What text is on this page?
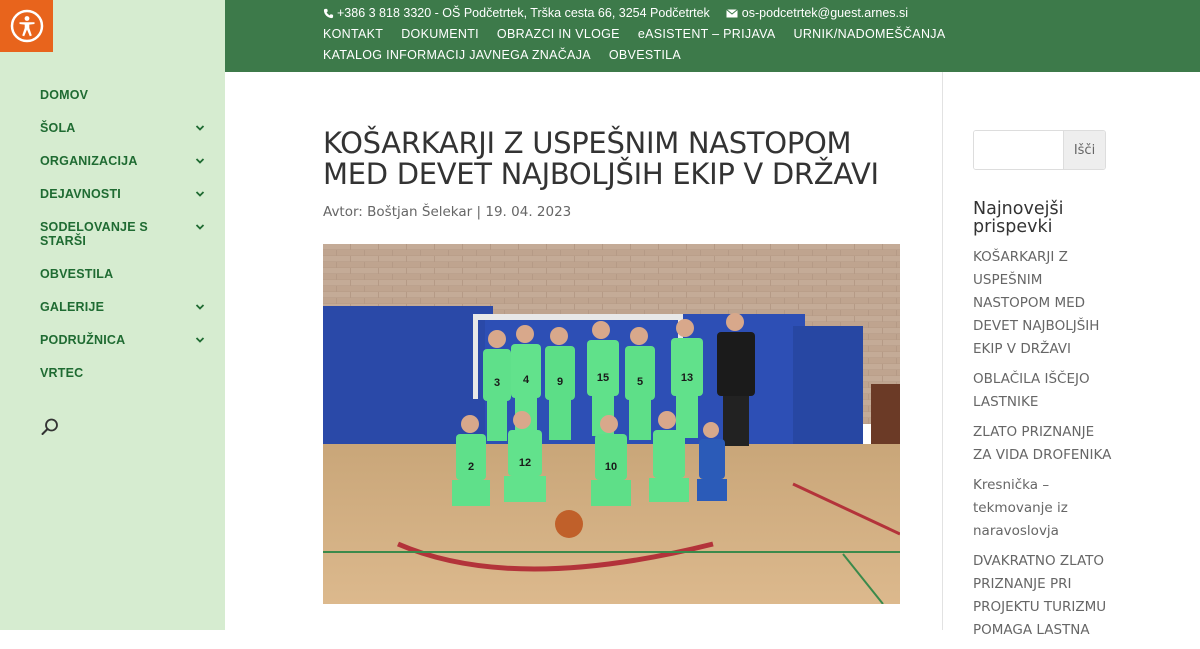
DOMOV
ŠOLA
ORGANIZACIJA
DEJAVNOSTI
SODELOVANJE S STARŠI
OBVESTILA
GALERIJE
PODRUŽNICA
VRTEC
+386 3 818 3320 - OŠ Podčetrtek, Trška cesta 66, 3254 Podčetrtek	os-podcetrtek@guest.arnes.si
KONTAKT DOKUMENTI OBRAZCI IN VLOGE eASISTENT – PRIJAVA URNIK/NADOMEŠČANJA
KATALOG INFORMACIJ JAVNEGA ZNAČAJA OBVESTILA
KOŠARKARJI Z USPEŠNIM NASTOPOM MED DEVET NAJBOLJŠIH EKIP V DRŽAVI
Avtor: Boštjan Šelekar | 19. 04. 2023
3 4	9	15	5	13
2	12	10
Išči
Najnovejši prispevki
KOŠARKARJI Z USPEŠNIM NASTOPOM MED DEVET NAJBOLJŠIH EKIP V DRŽAVI
OBLAČILA IŠČEJO LASTNIKE
ZLATO PRIZNANJE ZA VIDA DROFENIKA
Kresnička – tekmovanje iz naravoslovja
DVAKRATNO ZLATO PRIZNANJE PRI PROJEKTU TURIZMU POMAGA LASTNA
